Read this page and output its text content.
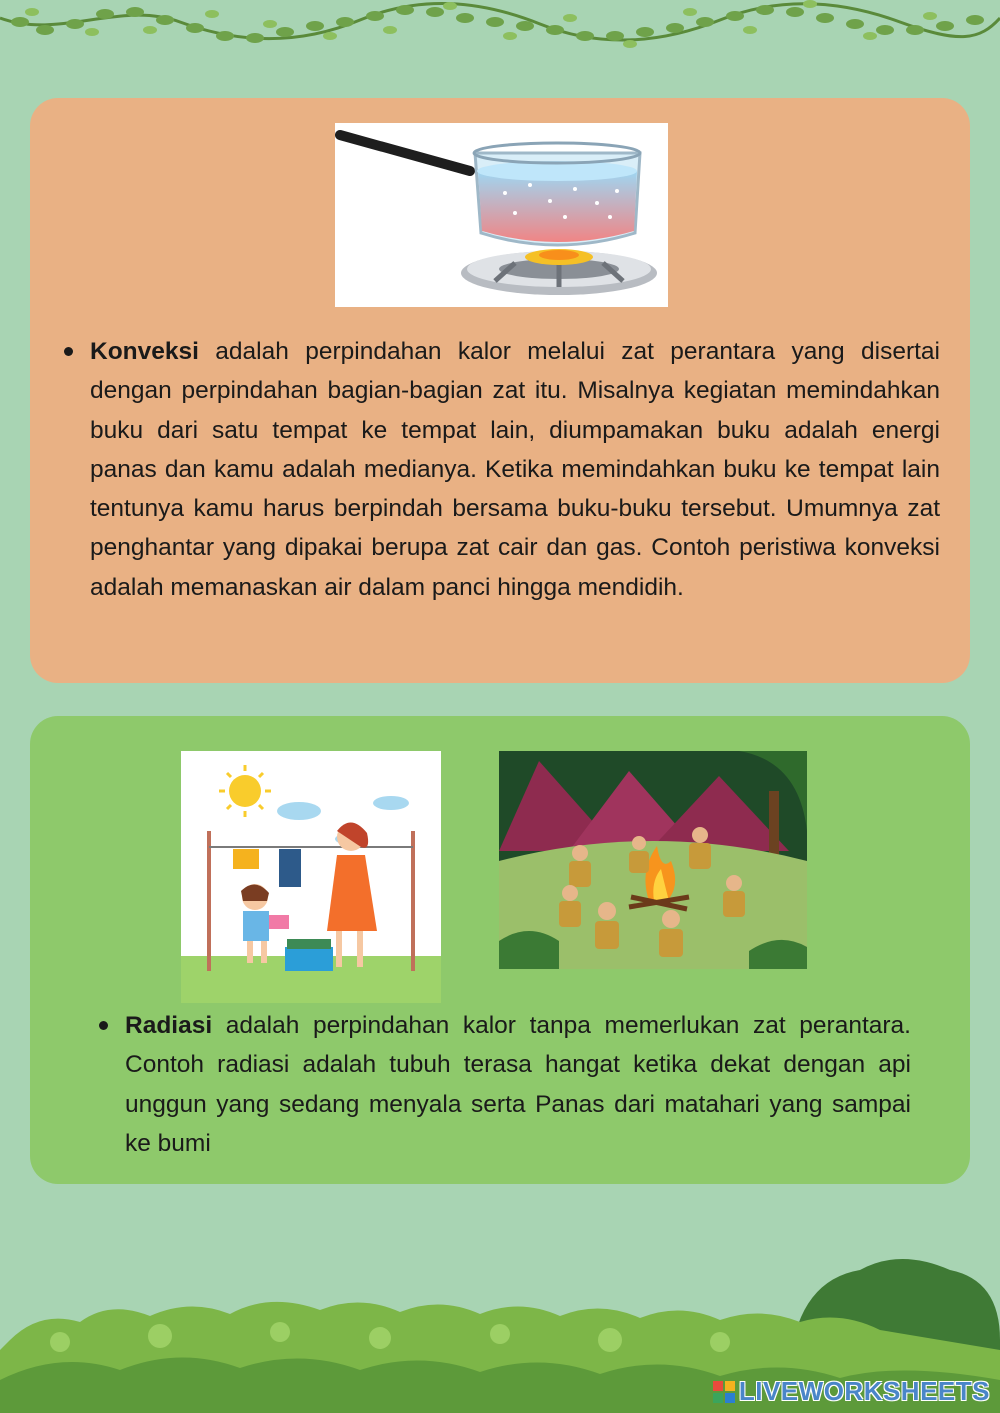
Konveksi adalah perpindahan kalor melalui zat perantara yang disertai dengan perpindahan bagian-bagian zat itu. Misalnya kegiatan memindahkan buku dari satu tempat ke tempat lain, diumpamakan buku adalah energi panas dan kamu adalah medianya. Ketika memindahkan buku ke tempat lain tentunya kamu harus berpindah bersama buku-buku tersebut. Umumnya zat penghantar yang dipakai berupa zat cair dan gas. Contoh peristiwa konveksi adalah memanaskan air dalam panci hingga mendidih.

Radiasi adalah perpindahan kalor tanpa memerlukan zat perantara. Contoh radiasi adalah tubuh terasa hangat ketika dekat dengan api unggun yang sedang menyala serta Panas dari matahari yang sampai ke bumi

LIVEWORKSHEETS
